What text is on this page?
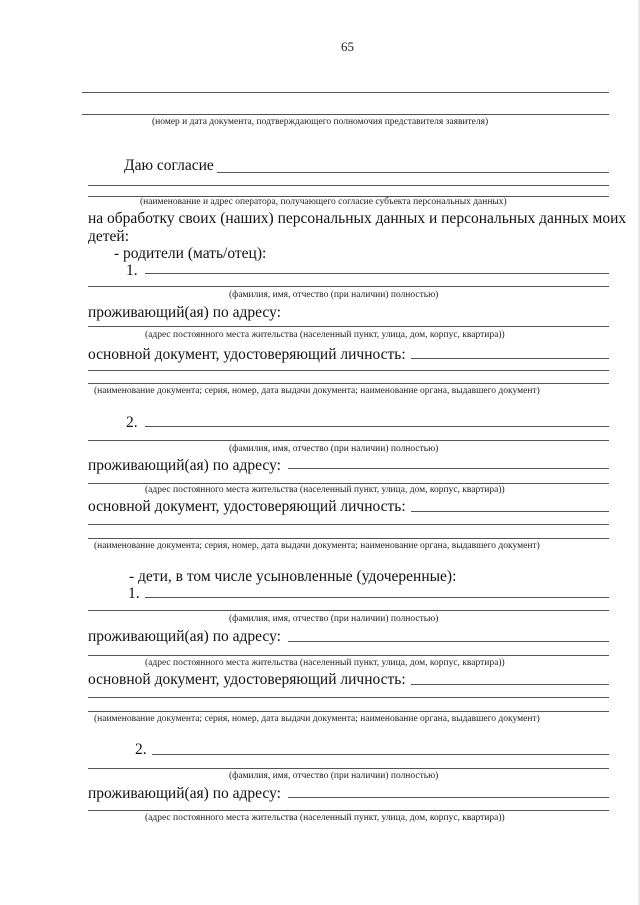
65
(номер и дата документа, подтверждающего полномочия представителя заявителя)
Даю согласие
(наименование и адрес оператора, получающего согласие субъекта персональных данных)
на обработку своих (наших) персональных данных и персональных данных моих
детей:
- родители (мать/отец):
1.
(фамилия, имя, отчество (при наличии) полностью)
проживающий(ая) по адресу:
(адрес постоянного места жительства (населенный пункт, улица, дом, корпус, квартира))
основной документ, удостоверяющий личность:
(наименование документа; серия, номер, дата выдачи документа; наименование органа, выдавшего документ)
2.
(фамилия, имя, отчество (при наличии) полностью)
проживающий(ая) по адресу:
(адрес постоянного места жительства (населенный пункт, улица, дом, корпус, квартира))
основной документ, удостоверяющий личность:
(наименование документа; серия, номер, дата выдачи документа; наименование органа, выдавшего документ)
- дети, в том числе усыновленные (удочеренные):
1.
(фамилия, имя, отчество (при наличии) полностью)
проживающий(ая) по адресу:
(адрес постоянного места жительства (населенный пункт, улица, дом, корпус, квартира))
основной документ, удостоверяющий личность:
(наименование документа; серия, номер, дата выдачи документа; наименование органа, выдавшего документ)
2.
(фамилия, имя, отчество (при наличии) полностью)
проживающий(ая) по адресу:
(адрес постоянного места жительства (населенный пункт, улица, дом, корпус, квартира))
